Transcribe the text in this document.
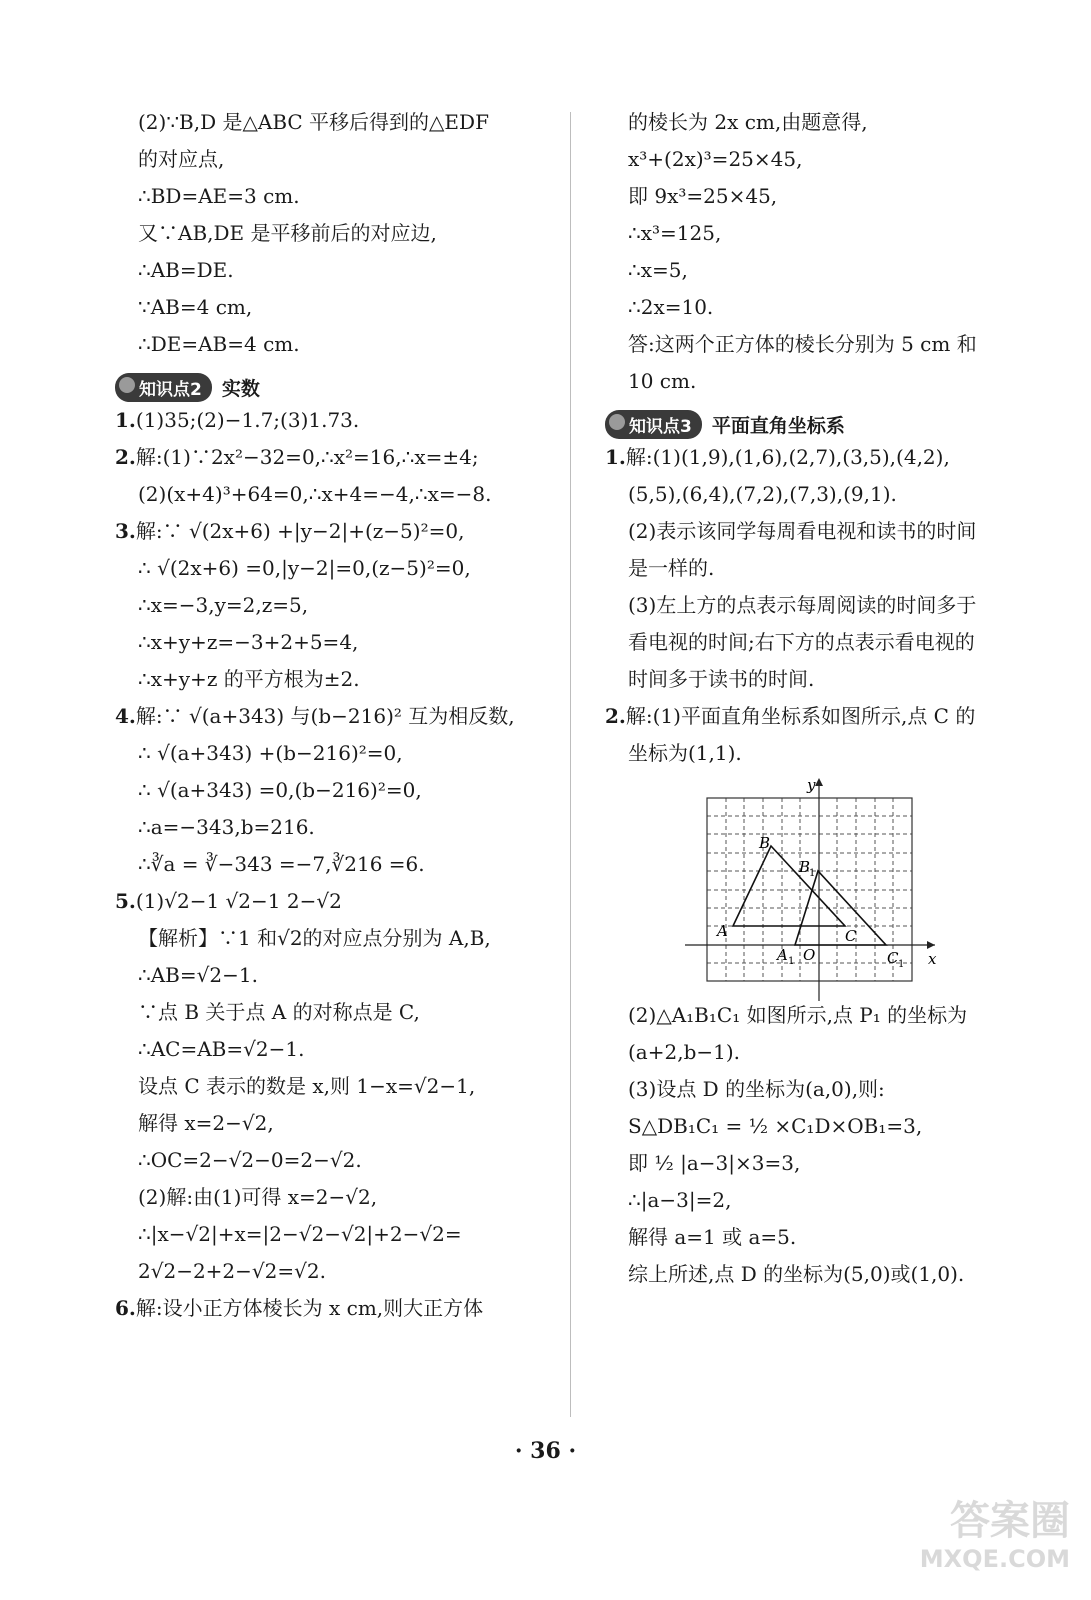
(2)∵B,D 是△ABC 平移后得到的△EDF
的对应点,
∴BD=AE=3 cm.
又∵AB,DE 是平移前后的对应边,
∴AB=DE.
∵AB=4 cm,
∴DE=AB=4 cm.
知识点2	实数
1.(1)35;(2)−1.7;(3)1.73.
2.解:(1)∵2x²−32=0,∴x²=16,∴x=±4;
(2)(x+4)³+64=0,∴x+4=−4,∴x=−8.
3.解:∵ √(2x+6) +|y−2|+(z−5)²=0,
∴ √(2x+6) =0,|y−2|=0,(z−5)²=0,
∴x=−3,y=2,z=5,
∴x+y+z=−3+2+5=4,
∴x+y+z 的平方根为±2.
4.解:∵ √(a+343) 与(b−216)² 互为相反数,
∴ √(a+343) +(b−216)²=0,
∴ √(a+343) =0,(b−216)²=0,
∴a=−343,b=216.
∴∛a = ∛−343 =−7,∛216 =6.
5.(1)√2−1 √2−1 2−√2
【解析】∵1 和√2的对应点分别为 A,B,
∴AB=√2−1.
∵点 B 关于点 A 的对称点是 C,
∴AC=AB=√2−1.
设点 C 表示的数是 x,则 1−x=√2−1,
解得 x=2−√2,
∴OC=2−√2−0=2−√2.
(2)解:由(1)可得 x=2−√2,
∴|x−√2|+x=|2−√2−√2|+2−√2=
2√2−2+2−√2=√2.
6.解:设小正方体棱长为 x cm,则大正方体
的棱长为 2x cm,由题意得,
x³+(2x)³=25×45,
即 9x³=25×45,
∴x³=125,
∴x=5,
∴2x=10.
答:这两个正方体的棱长分别为 5 cm 和
10 cm.
知识点3	平面直角坐标系
1.解:(1)(1,9),(1,6),(2,7),(3,5),(4,2),
(5,5),(6,4),(7,2),(7,3),(9,1).
(2)表示该同学每周看电视和读书的时间
是一样的.
(3)左上方的点表示每周阅读的时间多于
看电视的时间;右下方的点表示看电视的
时间多于读书的时间.
2.解:(1)平面直角坐标系如图所示,点 C 的
坐标为(1,1).
y
x
B
B
1
A
A 1 O
C
C 1
(2)△A₁B₁C₁ 如图所示,点 P₁ 的坐标为
(a+2,b−1).
(3)设点 D 的坐标为(a,0),则:
S△DB₁C₁ = ½ ×C₁D×OB₁=3,
即 ½ |a−3|×3=3,
∴|a−3|=2,
解得 a=1 或 a=5.
综上所述,点 D 的坐标为(5,0)或(1,0).
· 36 ·
答案圈
MXQE.COM
